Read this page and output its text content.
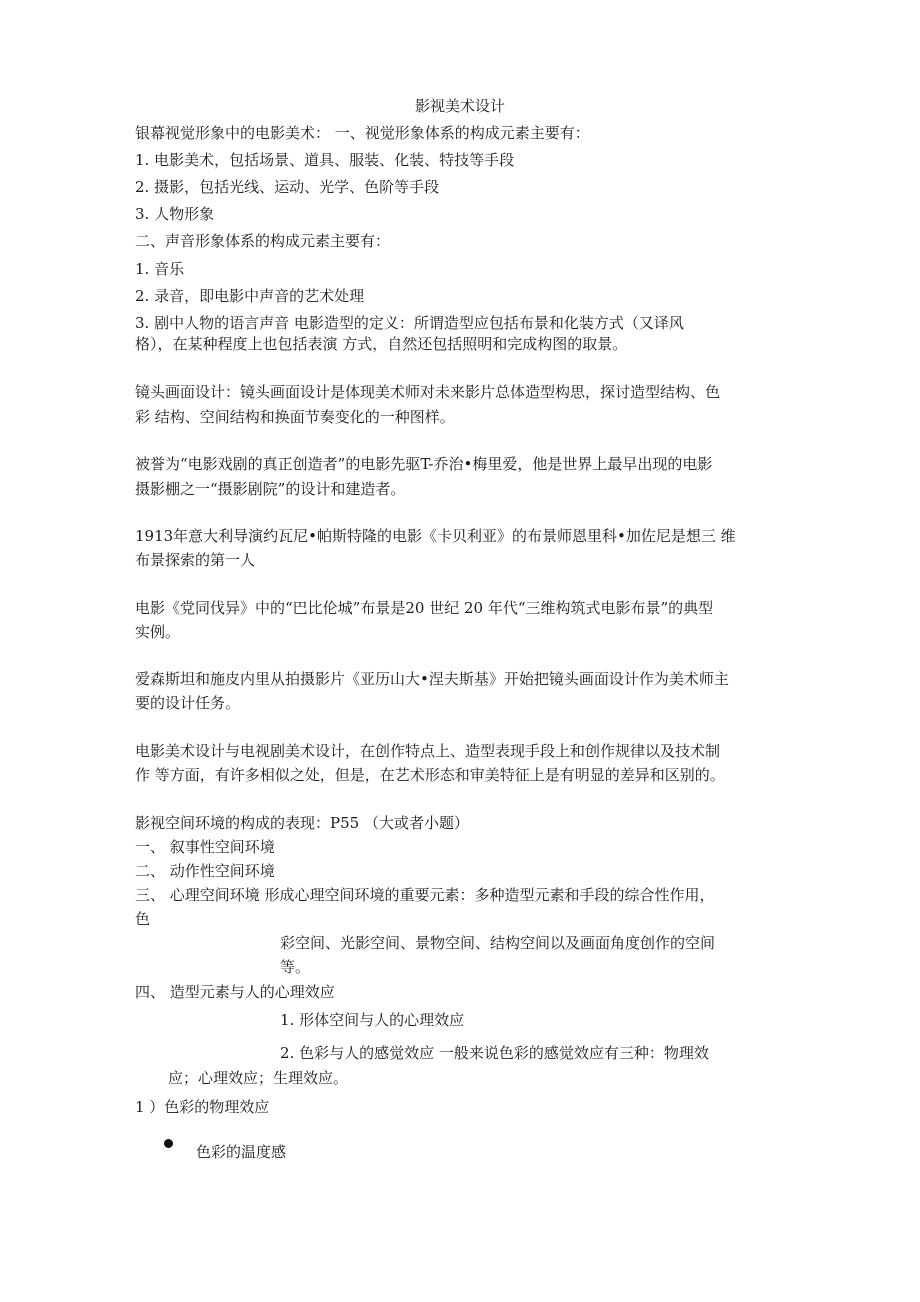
影视美术设计
银幕视觉形象中的电影美术： 一、视觉形象体系的构成元素主要有：
1. 电影美术，包括场景、道具、服装、化装、特技等手段
2. 摄影，包括光线、运动、光学、色阶等手段
3. 人物形象
二、声音形象体系的构成元素主要有：
1. 音乐
2. 录音，即电影中声音的艺术处理
3. 剧中人物的语言声音 电影造型的定义：所谓造型应包括布景和化装方式（又译风
格），在某种程度上也包括表演 方式，自然还包括照明和完成构图的取景。
镜头画面设计：镜头画面设计是体现美术师对未来影片总体造型构思，探讨造型结构、色
彩 结构、空间结构和换面节奏变化的一种图样。
被誉为“电影戏剧的真正创造者”的电影先驱T-乔治•梅里爱，他是世界上最早出现的电影
摄影棚之一“摄影剧院”的设计和建造者。
1913年意大利导演约瓦尼•帕斯特隆的电影《卡贝利亚》的布景师恩里科•加佐尼是想三 维
布景探索的第一人
电影《党同伐异》中的“巴比伦城”布景是20 世纪 20 年代“三维构筑式电影布景”的典型
实例。
爱森斯坦和施皮内里从拍摄影片《亚历山大•涅夫斯基》开始把镜头画面设计作为美术师主
要的设计任务。
电影美术设计与电视剧美术设计，在创作特点上、造型表现手段上和创作规律以及技术制
作 等方面，有许多相似之处，但是，在艺术形态和审美特征上是有明显的差异和区别的。
影视空间环境的构成的表现：P55 （大或者小题）
一、 叙事性空间环境
二、 动作性空间环境
三、 心理空间环境 形成心理空间环境的重要元素：多种造型元素和手段的综合性作用，
色
彩空间、光影空间、景物空间、结构空间以及画面角度创作的空间
等。
四、 造型元素与人的心理效应
1. 形体空间与人的心理效应
2. 色彩与人的感觉效应 一般来说色彩的感觉效应有三种：物理效
应；心理效应；生理效应。
1 ）色彩的物理效应
色彩的温度感
